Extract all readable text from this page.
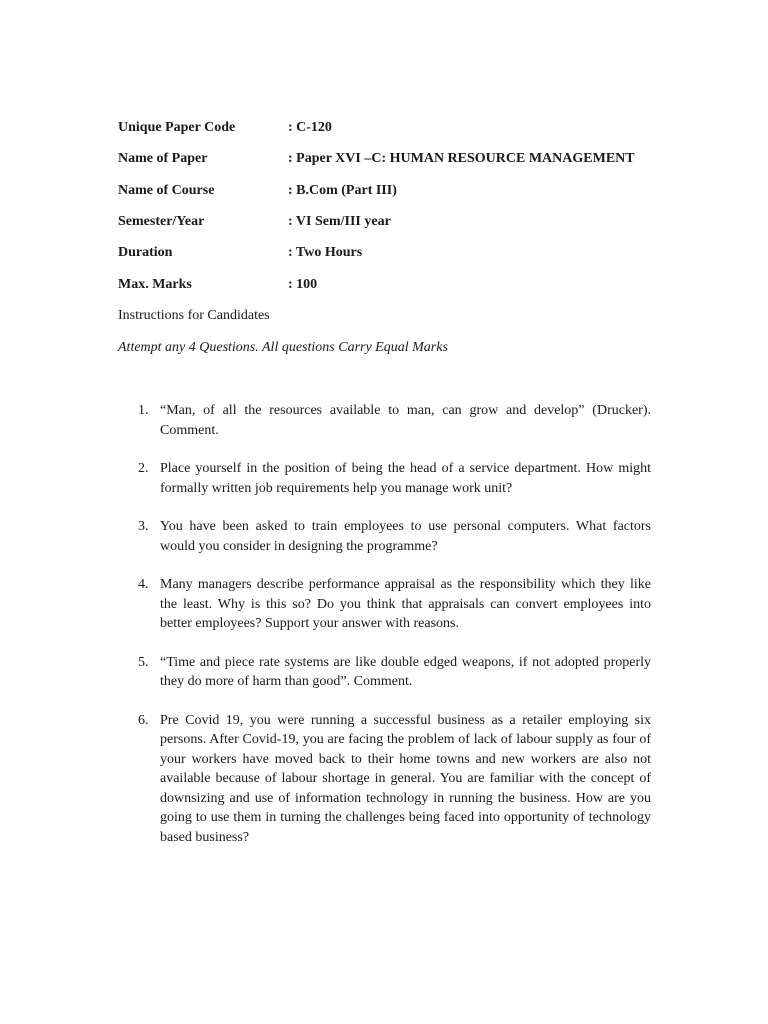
Unique Paper Code	: C-120
Name of Paper	: Paper XVI –C: HUMAN RESOURCE MANAGEMENT
Name of Course	: B.Com (Part III)
Semester/Year	: VI Sem/III year
Duration	: Two Hours
Max. Marks	: 100
Instructions for Candidates
Attempt any 4 Questions. All questions Carry Equal Marks
1. “Man, of all the resources available to man, can grow and develop” (Drucker). Comment.
2. Place yourself in the position of being the head of a service department. How might formally written job requirements help you manage work unit?
3. You have been asked to train employees to use personal computers. What factors would you consider in designing the programme?
4. Many managers describe performance appraisal as the responsibility which they like the least. Why is this so? Do you think that appraisals can convert employees into better employees? Support your answer with reasons.
5. “Time and piece rate systems are like double edged weapons, if not adopted properly they do more of harm than good”. Comment.
6. Pre Covid 19, you were running a successful business as a retailer employing six persons. After Covid-19, you are facing the problem of lack of labour supply as four of your workers have moved back to their home towns and new workers are also not available because of labour shortage in general. You are familiar with the concept of downsizing and use of information technology in running the business. How are you going to use them in turning the challenges being faced into opportunity of technology based business?
